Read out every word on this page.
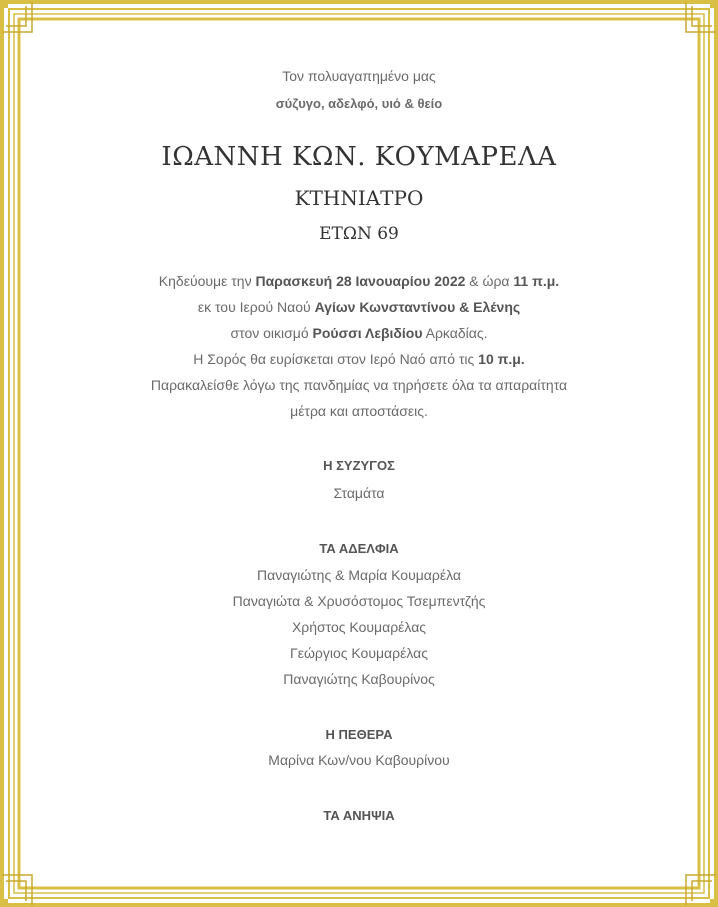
Τον πολυαγαπημένο μας
σύζυγο, αδελφό, υιό & θείο
ΙΩΑΝΝΗ ΚΩΝ. ΚΟΥΜΑΡΕΛΑ
ΚΤΗΝΙΑΤΡΟ
ΕΤΩΝ 69
Κηδεύουμε την Παρασκευή 28 Ιανουαρίου 2022 & ώρα 11 π.μ.
εκ του Ιερού Ναού Αγίων Κωνσταντίνου & Ελένης
στον οικισμό Ρούσσι Λεβιδίου Αρκαδίας.
Η Σορός θα ευρίσκεται στον Ιερό Ναό από τις 10 π.μ.
Παρακαλείσθε λόγω της πανδημίας να τηρήσετε όλα τα απαραίτητα
μέτρα και αποστάσεις.
Η ΣΥΖΥΓΟΣ
Σταμάτα
ΤΑ ΑΔΕΛΦΙΑ
Παναγιώτης & Μαρία Κουμαρέλα
Παναγιώτα & Χρυσόστομος Τσεμπεντζής
Χρήστος Κουμαρέλας
Γεώργιος Κουμαρέλας
Παναγιώτης Καβουρίνος
Η ΠΕΘΕΡΑ
Μαρίνα Κων/νου Καβουρίνου
ΤΑ ΑΝΗΨΙΑ
